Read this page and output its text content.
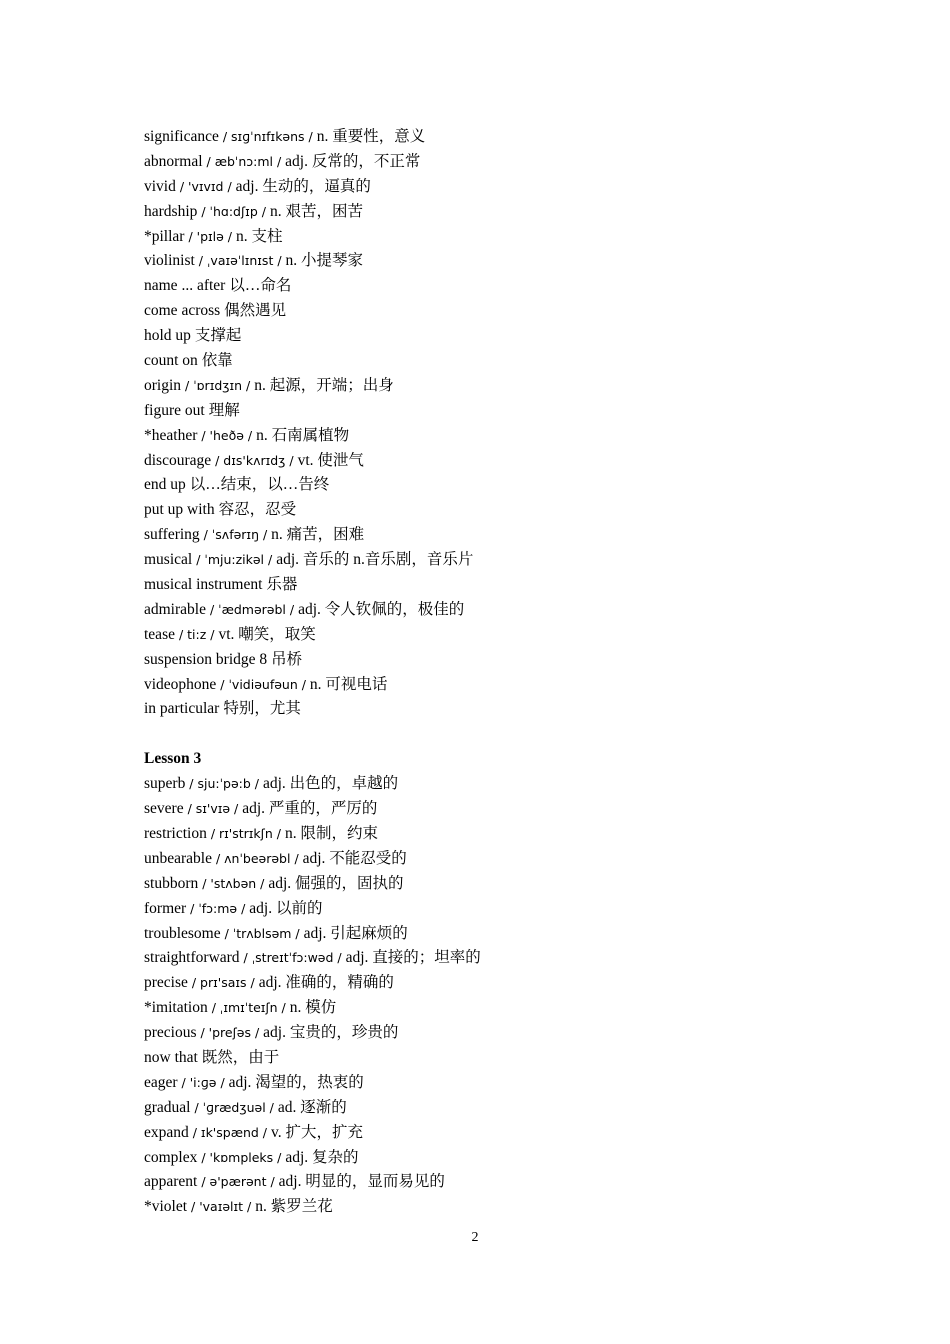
significance / sɪɡˈnɪfɪkəns / n. 重要性，意义
abnormal / æbˈnɔ:ml / adj. 反常的，不正常
vivid / 'vɪvɪd / adj. 生动的，逼真的
hardship / ˈhɑ:dʃɪp / n. 艰苦，困苦
*pillar / 'pɪlə / n. 支柱
violinist / ˌvaɪəˈlɪnɪst / n. 小提琴家
name ... after 以…命名
come across 偶然遇见
hold up 支撑起
count on 依靠
origin / ˈɒrɪdʒɪn / n. 起源，开端；出身
figure out 理解
*heather / 'heðə / n. 石南属植物
discourage / dɪs'kʌrɪdʒ / vt. 使泄气
end up 以…结束，以…告终
put up with 容忍，忍受
suffering / ˈsʌfərɪŋ / n. 痛苦，困难
musical / ˈmju:zikəl / adj. 音乐的 n.音乐剧，音乐片
musical instrument 乐器
admirable / ˈædmərəbl / adj. 令人钦佩的，极佳的
tease / ti:z / vt. 嘲笑，取笑
suspension bridge 8 吊桥
videophone / ˈvidiəufəun / n. 可视电话
in particular 特别，尤其
Lesson 3
superb / sju:ˈpə:b / adj. 出色的，卓越的
severe / sɪ'vɪə / adj. 严重的，严厉的
restriction / rɪ'strɪkʃn / n. 限制，约束
unbearable / ʌnˈbeərəbl / adj. 不能忍受的
stubborn / 'stʌbən / adj. 倔强的，固执的
former / ˈfɔ:mə / adj. 以前的
troublesome / ˈtrʌblsəm / adj. 引起麻烦的
straightforward / ˌstreɪtˈfɔ:wəd / adj. 直接的；坦率的
precise / prɪ'saɪs / adj. 准确的，精确的
*imitation / ˌɪmɪˈteɪʃn / n. 模仿
precious / 'preʃəs / adj. 宝贵的，珍贵的
now that 既然，由于
eager / 'i:ɡə / adj. 渴望的，热衷的
gradual / ˈɡrædʒuəl / ad. 逐渐的
expand / ɪk'spænd / v. 扩大，扩充
complex / 'kɒmpleks / adj. 复杂的
apparent / ə'pærənt / adj. 明显的，显而易见的
*violet / 'vaɪəlɪt / n. 紫罗兰花
2
